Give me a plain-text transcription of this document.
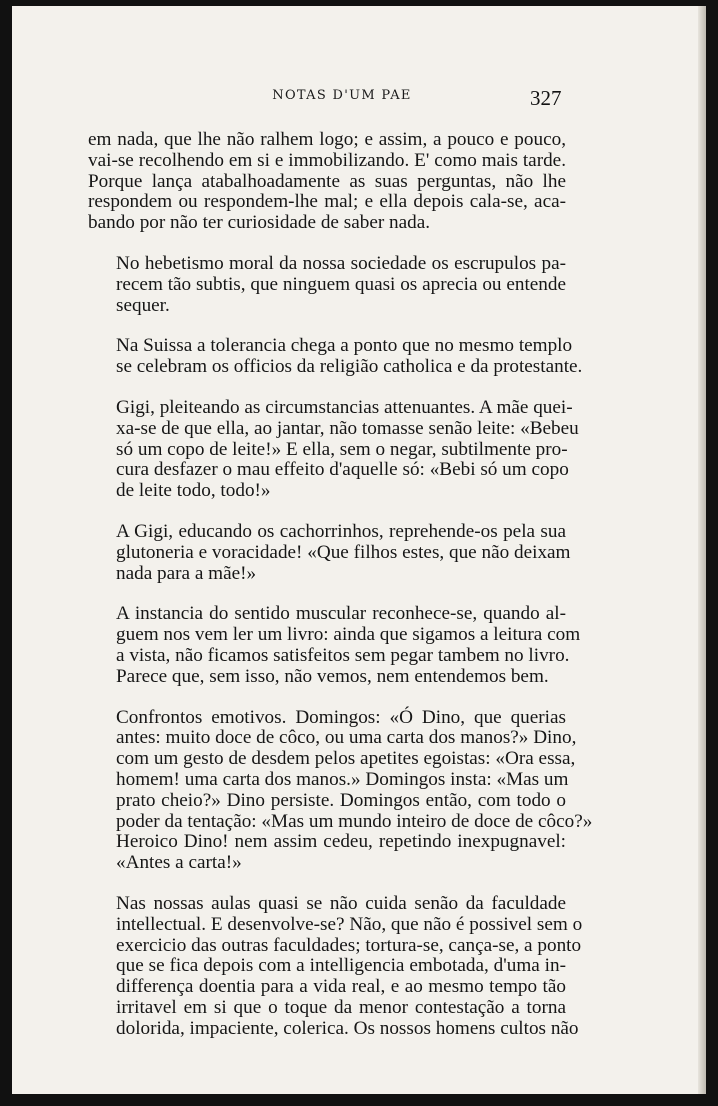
NOTAS D'UM PAE	327

em nada, que lhe não ralhem logo; e assim, a pouco e pouco,
vai-se recolhendo em si e immobilizando. E' como mais tarde.
Porque lança atabalhoadamente as suas perguntas, não lhe
respondem ou respondem-lhe mal; e ella depois cala-se, aca-
bando por não ter curiosidade de saber nada.

No hebetismo moral da nossa sociedade os escrupulos pa-
recem tão subtis, que ninguem quasi os aprecia ou entende
sequer.

Na Suissa a tolerancia chega a ponto que no mesmo templo
se celebram os officios da religião catholica e da protestante.

Gigi, pleiteando as circumstancias attenuantes. A mãe quei-
xa-se de que ella, ao jantar, não tomasse senão leite: «Bebeu
só um copo de leite!» E ella, sem o negar, subtilmente pro-
cura desfazer o mau effeito d'aquelle só: «Bebi só um copo
de leite todo, todo!»

A Gigi, educando os cachorrinhos, reprehende-os pela sua
glutoneria e voracidade! «Que filhos estes, que não deixam
nada para a mãe!»

A instancia do sentido muscular reconhece-se, quando al-
guem nos vem ler um livro: ainda que sigamos a leitura com
a vista, não ficamos satisfeitos sem pegar tambem no livro.
Parece que, sem isso, não vemos, nem entendemos bem.

Confrontos emotivos. Domingos: «Ó Dino, que querias
antes: muito doce de côco, ou uma carta dos manos?» Dino,
com um gesto de desdem pelos apetites egoistas: «Ora essa,
homem! uma carta dos manos.» Domingos insta: «Mas um
prato cheio?» Dino persiste. Domingos então, com todo o
poder da tentação: «Mas um mundo inteiro de doce de côco?»
Heroico Dino! nem assim cedeu, repetindo inexpugnavel:
«Antes a carta!»

Nas nossas aulas quasi se não cuida senão da faculdade
intellectual. E desenvolve-se? Não, que não é possivel sem o
exercicio das outras faculdades; tortura-se, cança-se, a ponto
que se fica depois com a intelligencia embotada, d'uma in-
differença doentia para a vida real, e ao mesmo tempo tão
irritavel em si que o toque da menor contestação a torna
dolorida, impaciente, colerica. Os nossos homens cultos não
